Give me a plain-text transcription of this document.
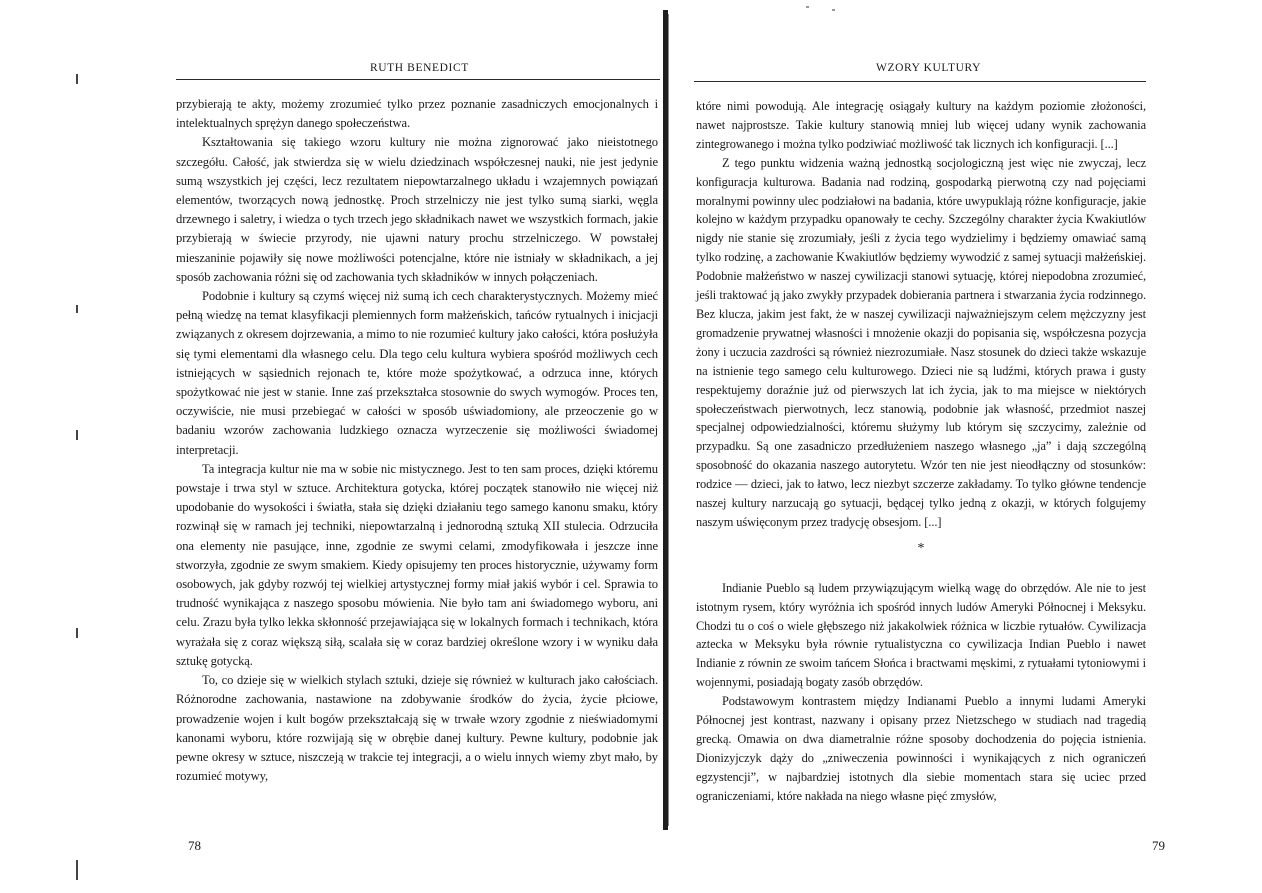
RUTH BENEDICT

przybierają te akty, możemy zrozumieć tylko przez poznanie zasadniczych emocjonalnych i intelektualnych sprężyn danego społeczeństwa.

Kształtowania się takiego wzoru kultury nie można zignorować jako nieistotnego szczegółu. Całość, jak stwierdza się w wielu dziedzinach współczesnej nauki, nie jest jedynie sumą wszystkich jej części, lecz rezultatem niepowtarzalnego układu i wzajemnych powiązań elementów, tworzących nową jednostkę. Proch strzelniczy nie jest tylko sumą siarki, węgla drzewnego i saletry, i wiedza o tych trzech jego składnikach nawet we wszystkich formach, jakie przybierają w świecie przyrody, nie ujawni natury prochu strzelniczego. W powstałej mieszaninie pojawiły się nowe możliwości potencjalne, które nie istniały w składnikach, a jej sposób zachowania różni się od zachowania tych składników w innych połączeniach.

Podobnie i kultury są czymś więcej niż sumą ich cech charakterystycznych. Możemy mieć pełną wiedzę na temat klasyfikacji plemiennych form małżeńskich, tańców rytualnych i inicjacji związanych z okresem dojrzewania, a mimo to nie rozumieć kultury jako całości, która posłużyła się tymi elementami dla własnego celu. Dla tego celu kultura wybiera spośród możliwych cech istniejących w sąsiednich rejonach te, które może spożytkować, a odrzuca inne, których spożytkować nie jest w stanie. Inne zaś przekształca stosownie do swych wymogów. Proces ten, oczywiście, nie musi przebiegać w całości w sposób uświadomiony, ale przeoczenie go w badaniu wzorów zachowania ludzkiego oznacza wyrzeczenie się możliwości świadomej interpretacji.

Ta integracja kultur nie ma w sobie nic mistycznego. Jest to ten sam proces, dzięki któremu powstaje i trwa styl w sztuce. Architektura gotycka, której początek stanowiło nie więcej niż upodobanie do wysokości i światła, stała się dzięki działaniu tego samego kanonu smaku, który rozwinął się w ramach jej techniki, niepowtarzalną i jednorodną sztuką XII stulecia. Odrzuciła ona elementy nie pasujące, inne, zgodnie ze swymi celami, zmodyfikowała i jeszcze inne stworzyła, zgodnie ze swym smakiem. Kiedy opisujemy ten proces historycznie, używamy form osobowych, jak gdyby rozwój tej wielkiej artystycznej formy miał jakiś wybór i cel. Sprawia to trudność wynikająca z naszego sposobu mówienia. Nie było tam ani świadomego wyboru, ani celu. Zrazu była tylko lekka skłonność przejawiająca się w lokalnych formach i technikach, która wyrażała się z coraz większą siłą, scalała się w coraz bardziej określone wzory i w wyniku dała sztukę gotycką.

To, co dzieje się w wielkich stylach sztuki, dzieje się również w kulturach jako całościach. Różnorodne zachowania, nastawione na zdobywanie środków do życia, życie płciowe, prowadzenie wojen i kult bogów przekształcają się w trwałe wzory zgodnie z nieświadomymi kanonami wyboru, które rozwijają się w obrębie danej kultury. Pewne kultury, podobnie jak pewne okresy w sztuce, niszczeją w trakcie tej integracji, a o wielu innych wiemy zbyt mało, by rozumieć motywy,

78
WZORY KULTURY

które nimi powodują. Ale integrację osiągały kultury na każdym poziomie złożoności, nawet najprostsze. Takie kultury stanowią mniej lub więcej udany wynik zachowania zintegrowanego i można tylko podziwiać możliwość tak licznych ich konfiguracji. [...]

Z tego punktu widzenia ważną jednostką socjologiczną jest więc nie zwyczaj, lecz konfiguracja kulturowa. Badania nad rodziną, gospodarką pierwotną czy nad pojęciami moralnymi powinny ulec podziałowi na badania, które uwypuklają różne konfiguracje, jakie kolejno w każdym przypadku opanowały te cechy. Szczególny charakter życia Kwakiutlów nigdy nie stanie się zrozumiały, jeśli z życia tego wydzielimy i będziemy omawiać samą tylko rodzinę, a zachowanie Kwakiutlów będziemy wywodzić z samej sytuacji małżeńskiej. Podobnie małżeństwo w naszej cywilizacji stanowi sytuację, której niepodobna zrozumieć, jeśli traktować ją jako zwykły przypadek dobierania partnera i stwarzania życia rodzinnego. Bez klucza, jakim jest fakt, że w naszej cywilizacji najważniejszym celem mężczyzny jest gromadzenie prywatnej własności i mnożenie okazji do popisania się, współczesna pozycja żony i uczucia zazdrości są również niezrozumiałe. Nasz stosunek do dzieci także wskazuje na istnienie tego samego celu kulturowego. Dzieci nie są ludźmi, których prawa i gusty respektujemy doraźnie już od pierwszych lat ich życia, jak to ma miejsce w niektórych społeczeństwach pierwotnych, lecz stanowią, podobnie jak własność, przedmiot naszej specjalnej odpowiedzialności, któremu służymy lub którym się szczycimy, zależnie od przypadku. Są one zasadniczo przedłużeniem naszego własnego „ja” i dają szczególną sposobność do okazania naszego autorytetu. Wzór ten nie jest nieodłączny od stosunków: rodzice — dzieci, jak to łatwo, lecz niezbyt szczerze zakładamy. To tylko główne tendencje naszej kultury narzucają go sytuacji, będącej tylko jedną z okazji, w których folgujemy naszym uświęconym przez tradycję obsesjom. [...]

*

Indianie Pueblo są ludem przywiązującym wielką wagę do obrzędów. Ale nie to jest istotnym rysem, który wyróżnia ich spośród innych ludów Ameryki Północnej i Meksyku. Chodzi tu o coś o wiele głębszego niż jakakolwiek różnica w liczbie rytuałów. Cywilizacja aztecka w Meksyku była równie rytualistyczna co cywilizacja Indian Pueblo i nawet Indianie z równin ze swoim tańcem Słońca i bractwami męskimi, z rytuałami tytoniowymi i wojennymi, posiadają bogaty zasób obrzędów.

Podstawowym kontrastem między Indianami Pueblo a innymi ludami Ameryki Północnej jest kontrast, nazwany i opisany przez Nietzschego w studiach nad tragedią grecką. Omawia on dwa diametralnie różne sposoby dochodzenia do pojęcia istnienia. Dionizyjczyk dąży do „zniweczenia powinności i wynikających z nich ograniczeń egzystencji”, w najbardziej istotnych dla siebie momentach stara się uciec przed ograniczeniami, które nakłada na niego własne pięć zmysłów,

79
